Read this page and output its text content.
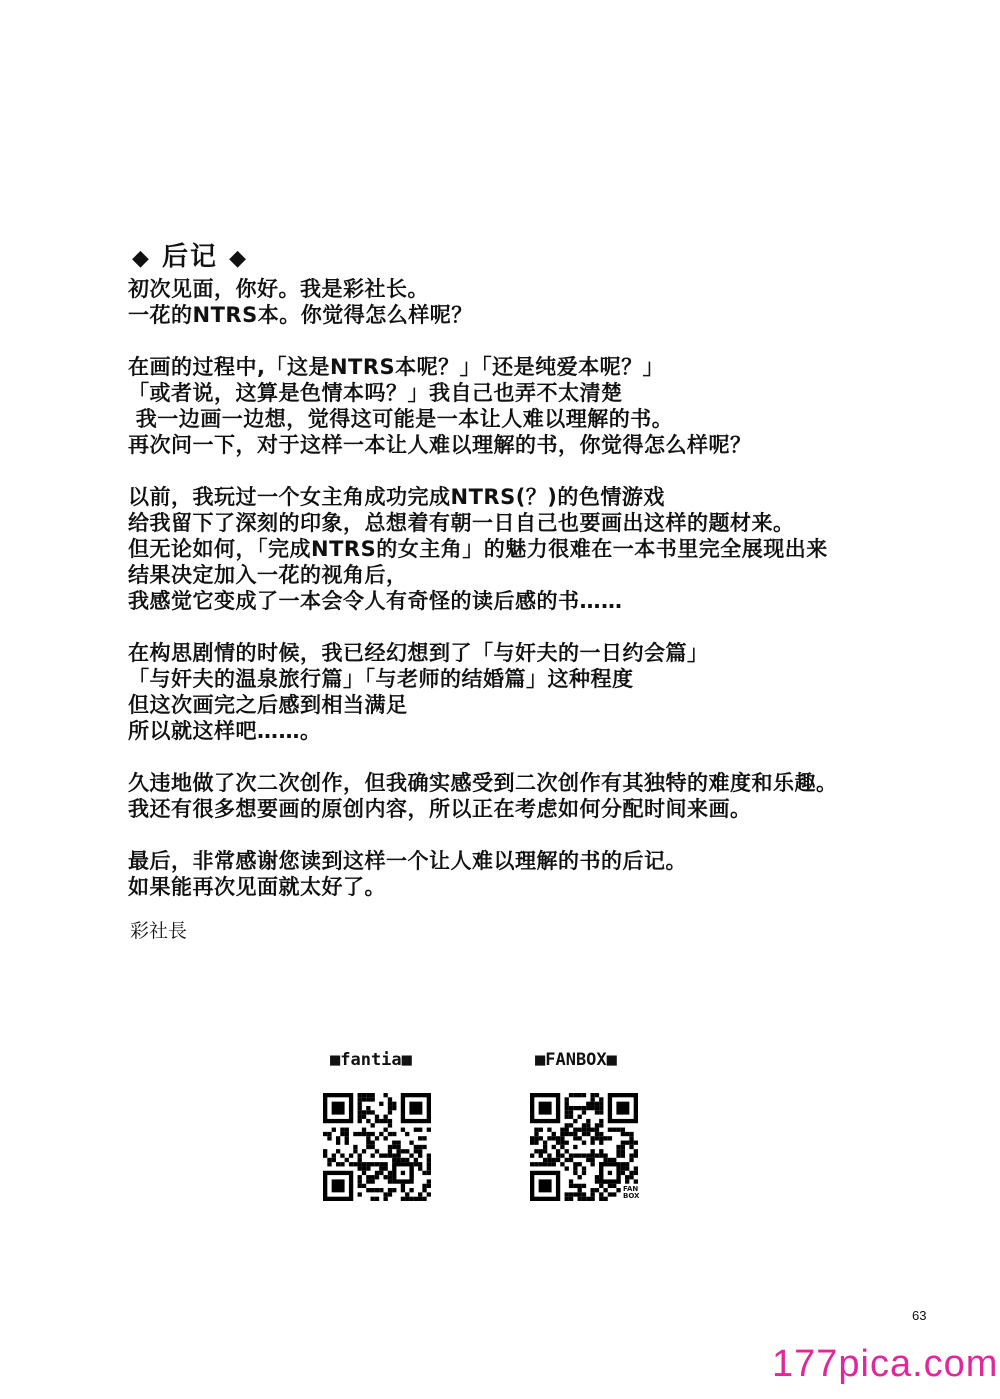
◆ 后记 ◆
初次见面，你好。我是彩社长。
一花的NTRS本。你觉得怎么样呢？
在画的过程中,「这是NTRS本呢？」「还是纯爱本呢？」
「或者说，这算是色情本吗？」我自己也弄不太清楚
我一边画一边想，觉得这可能是一本让人难以理解的书。
再次问一下，对于这样一本让人难以理解的书，你觉得怎么样呢？
以前，我玩过一个女主角成功完成NTRS(？)的色情游戏
给我留下了深刻的印象，总想着有朝一日自己也要画出这样的题材来。
但无论如何，「完成NTRS的女主角」的魅力很难在一本书里完全展现出来
结果决定加入一花的视角后，
我感觉它变成了一本会令人有奇怪的读后感的书……
在构思剧情的时候，我已经幻想到了「与奸夫的一日约会篇」
「与奸夫的温泉旅行篇」「与老师的结婚篇」这种程度
但这次画完之后感到相当满足
所以就这样吧……。
久违地做了次二次创作，但我确实感受到二次创作有其独特的难度和乐趣。
我还有很多想要画的原创内容，所以正在考虑如何分配时间来画。
最后，非常感谢您读到这样一个让人难以理解的书的后记。
如果能再次见面就太好了。
彩社長
■fantia■	■FANBOX■
FAN
BOX
63
177pica.com
